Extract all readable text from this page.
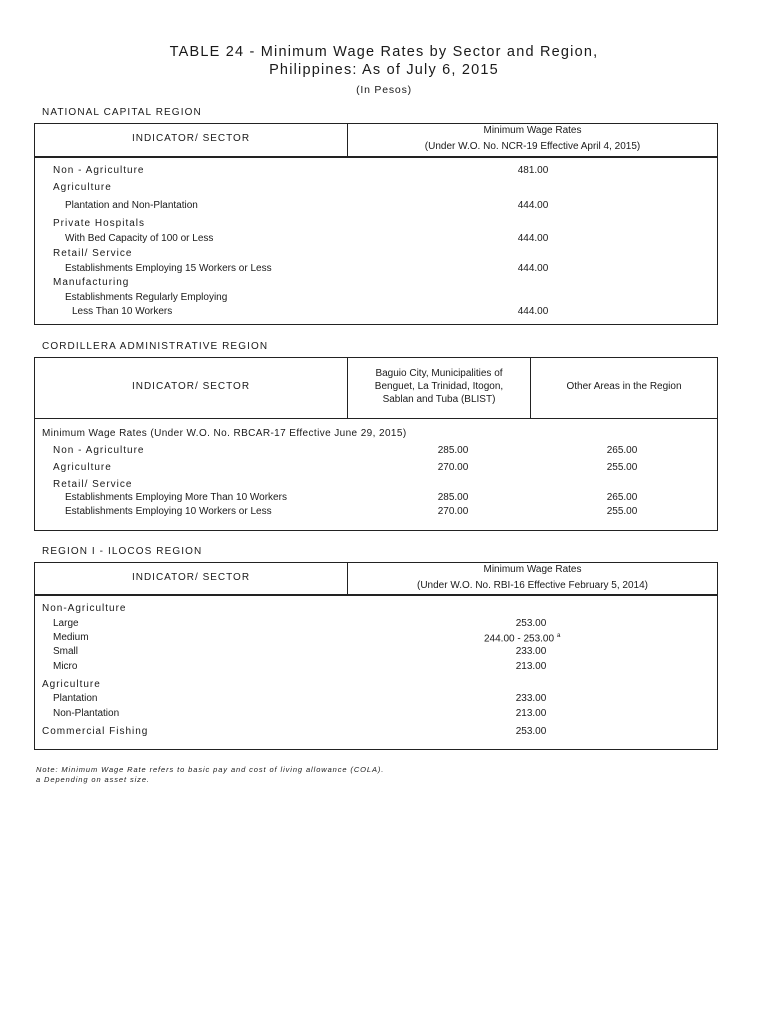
TABLE 24 - Minimum Wage Rates by Sector and Region,
Philippines: As of July 6, 2015
(In Pesos)
NATIONAL CAPITAL REGION
INDICATOR/ SECTOR
Minimum Wage Rates
(Under W.O. No. NCR-19 Effective April 4, 2015)
Non - Agriculture	481.00
Agriculture
Plantation and Non-Plantation	444.00
Private Hospitals
With Bed Capacity of 100 or Less	444.00
Retail/ Service
Establishments Employing 15 Workers or Less	444.00
Manufacturing
Establishments Regularly Employing
Less Than 10 Workers	444.00
CORDILLERA ADMINISTRATIVE REGION
INDICATOR/ SECTOR
Baguio City, Municipalities of
Benguet, La Trinidad, Itogon,
Sablan and Tuba (BLIST)
Other Areas in the Region
Minimum Wage Rates (Under W.O. No. RBCAR-17 Effective June 29, 2015)
Non - Agriculture	285.00	265.00
Agriculture	270.00	255.00
Retail/ Service
Establishments Employing More Than 10 Workers	285.00	265.00
Establishments Employing 10 Workers or Less	270.00	255.00
REGION I - ILOCOS REGION
INDICATOR/ SECTOR
Minimum Wage Rates
(Under W.O. No. RBI-16 Effective February 5, 2014)
Non-Agriculture
Large	253.00
Medium	244.00 - 253.00 $^a$
Small	233.00
Micro	213.00
Agriculture
Plantation	233.00
Non-Plantation	213.00
Commercial Fishing	253.00
Note: Minimum Wage Rate refers to basic pay and cost of living allowance (COLA).
a Depending on asset size.
